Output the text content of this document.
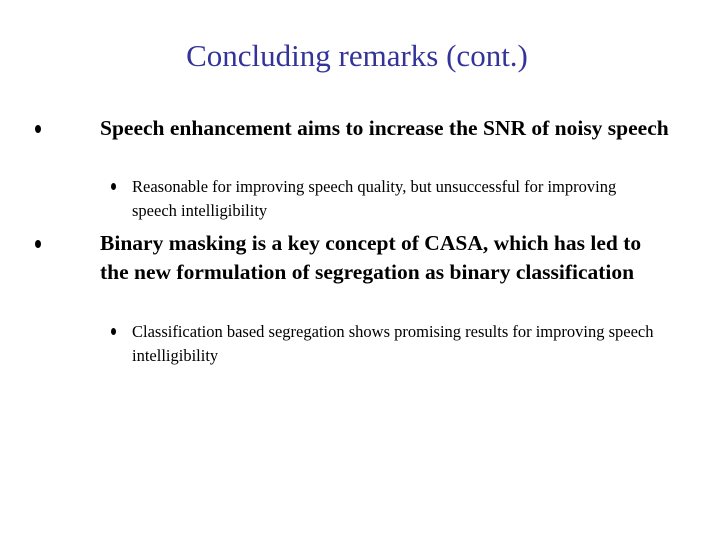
Concluding remarks (cont.)
Speech enhancement aims to increase the SNR of noisy speech
Reasonable for improving speech quality, but unsuccessful for improving speech intelligibility
Binary masking is a key concept of CASA, which has led to the new formulation of segregation as binary classification
Classification based segregation shows promising results for improving speech intelligibility
